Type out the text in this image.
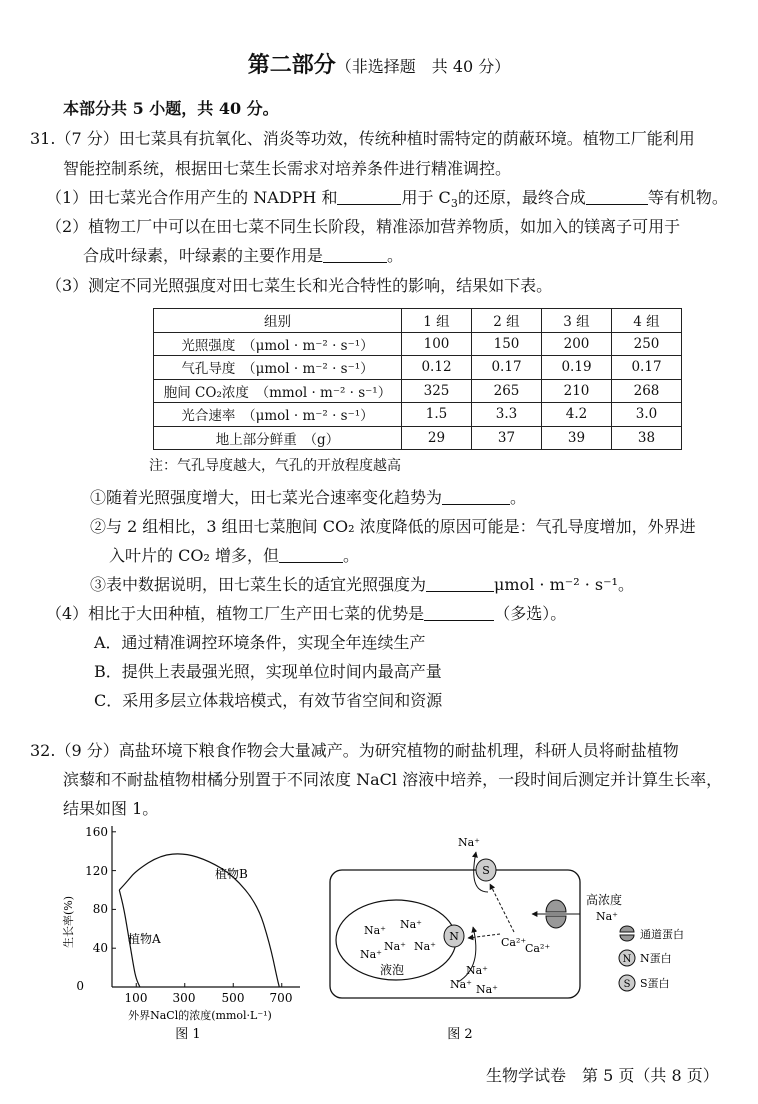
第二部分（非选择题　共 40 分）
本部分共 5 小题，共 40 分。
31.（7 分）田七菜具有抗氧化、消炎等功效，传统种植时需特定的荫蔽环境。植物工厂能利用
智能控制系统，根据田七菜生长需求对培养条件进行精准调控。
（1）田七菜光合作用产生的 NADPH 和	用于 $C_3$的还原，最终合成	等有机物。
（2）植物工厂中可以在田七菜不同生长阶段，精准添加营养物质，如加入的镁离子可用于
合成叶绿素，叶绿素的主要作用是	。
（3）测定不同光照强度对田七菜生长和光合特性的影响，结果如下表。
组别	1 组	2 组	3 组	4 组
光照强度　（μmol · m⁻² · s⁻¹）	100	150	200	250
气孔导度　（μmol · m⁻² · s⁻¹）	0.12	0.17	0.19	0.17
胞间 CO₂浓度　（mmol · m⁻² · s⁻¹）	325	265	210	268
光合速率　（μmol · m⁻² · s⁻¹）	1.5	3.3	4.2	3.0
地上部分鲜重　（g）	29	37	39	38
注：气孔导度越大，气孔的开放程度越高
①随着光照强度增大，田七菜光合速率变化趋势为	。
②与 2 组相比，3 组田七菜胞间 CO₂ 浓度降低的原因可能是：气孔导度增加，外界进
入叶片的 CO₂ 增多，但	。
③表中数据说明，田七菜生长的适宜光照强度为	μmol · m⁻² · s⁻¹。
（4）相比于大田种植，植物工厂生产田七菜的优势是	（多选）。
A．通过精准调控环境条件，实现全年连续生产
B．提供上表最强光照，实现单位时间内最高产量
C．采用多层立体栽培模式，有效节省空间和资源
32.（9 分）高盐环境下粮食作物会大量减产。为研究植物的耐盐机理，科研人员将耐盐植物
滨藜和不耐盐植物柑橘分别置于不同浓度 NaCl 溶液中培养，一段时间后测定并计算生长率，
结果如图 1。
0
40
80
120
160
100 300 500 700
植物B
植物A
生长率(%)
外界NaCl的浓度(mmol·L⁻¹)
图 1
液泡
Na⁺ Na⁺
Na⁺ Na⁺
Na⁺
N
S
Na⁺
Na⁺
Na⁺ Na⁺
Ca²⁺
Ca²⁺
高浓度
Na⁺
通道蛋白
N N蛋白
S S蛋白
图 2
生物学试卷　第 5 页（共 8 页）
